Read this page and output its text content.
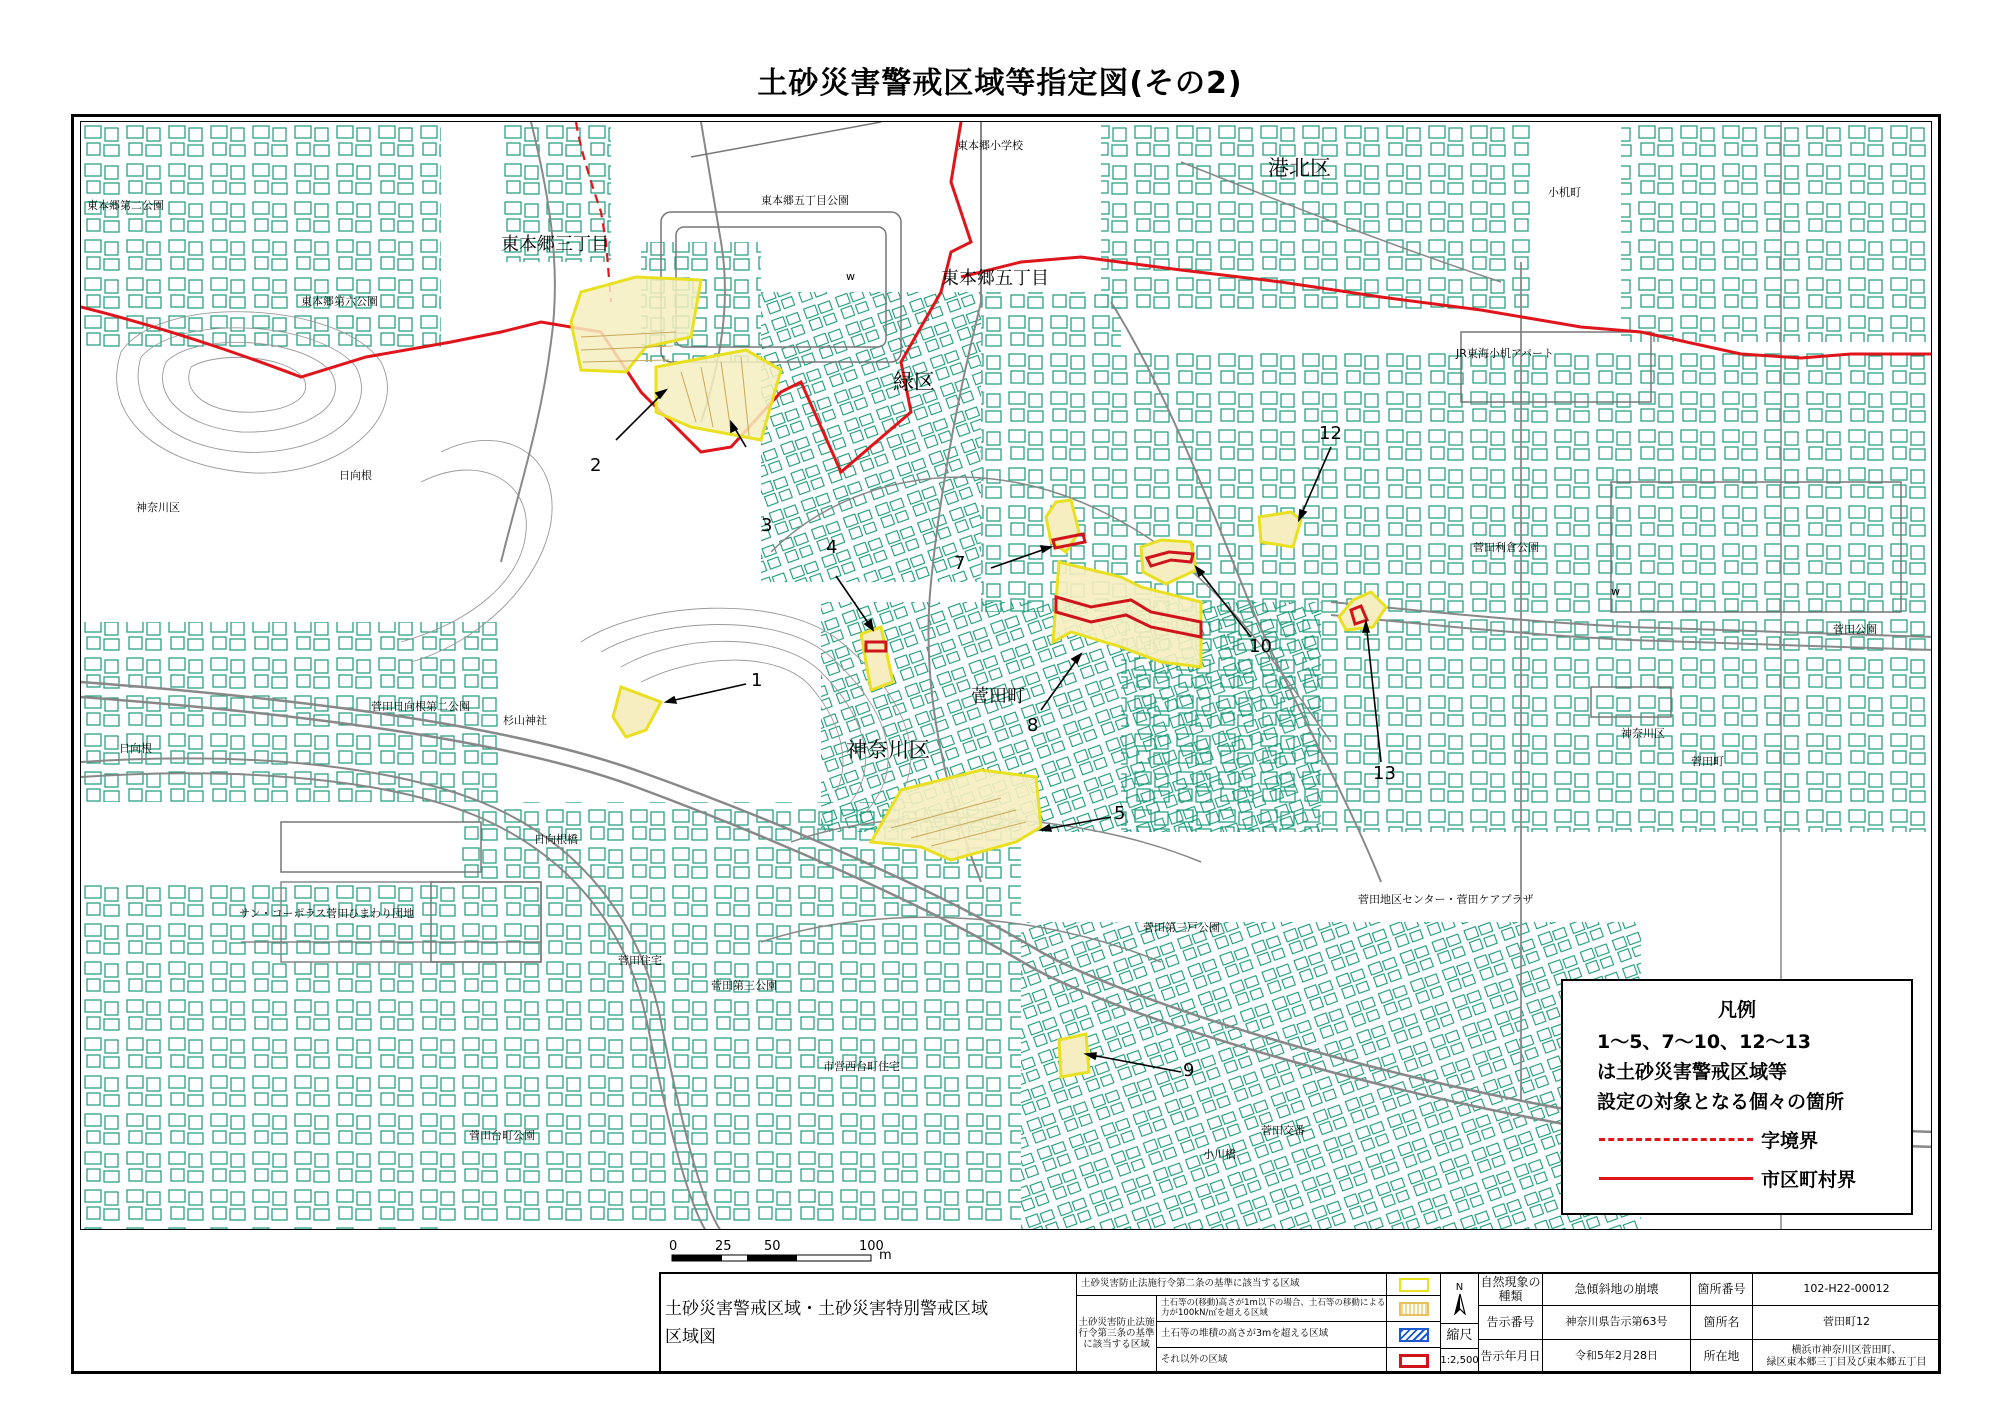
土砂災害警戒区域等指定図(その2)
東本郷第二公園
東本郷三丁目
東本郷第六公園
東本郷五丁目公園
東本郷小学校
東本郷五丁目
港北区
小机町
JR東海小机アパート
緑区
日向根
神奈川区
菅田利倉公園
菅田公園
菅田日向根第二公園
杉山神社
菅田町
神奈川区
日向根
神奈川区
菅田町
日向根橋
サン・コーポラス菅田ひまわり団地
菅田第三戸公園
菅田地区センター・菅田ケアプラザ
菅田住宅
菅田第三公園
市営西台町住宅
菅田台町公園	菅田交番
小川橋
w
w
2
3
4
7
1
8
5
9
10
12
13
凡例
1〜5、7〜10、12〜13
は土砂災害警戒区域等
設定の対象となる個々の箇所
字境界
市区町村界
0	25 50	100
m
土砂災害警戒区域・土砂災害特別警戒区域
区域図
土砂災害防止法施行令第二条の基準に該当する区域
土砂災害防止法施行令第三条の基準に該当する区域
土石等の(移動)高さが1m以下の場合、土石等の移動による力が100kN/㎡を超える区域
土石等の堆積の高さが3mを超える区域
それ以外の区域
N
縮尺
1:2,500
自然現象の種類	急傾斜地の崩壊	箇所番号	102-H22-00012
告示番号	神奈川県告示第63号	箇所名	菅田町12
告示年月日	令和5年2月28日	所在地	横浜市神奈川区菅田町、
緑区東本郷三丁目及び東本郷五丁目
